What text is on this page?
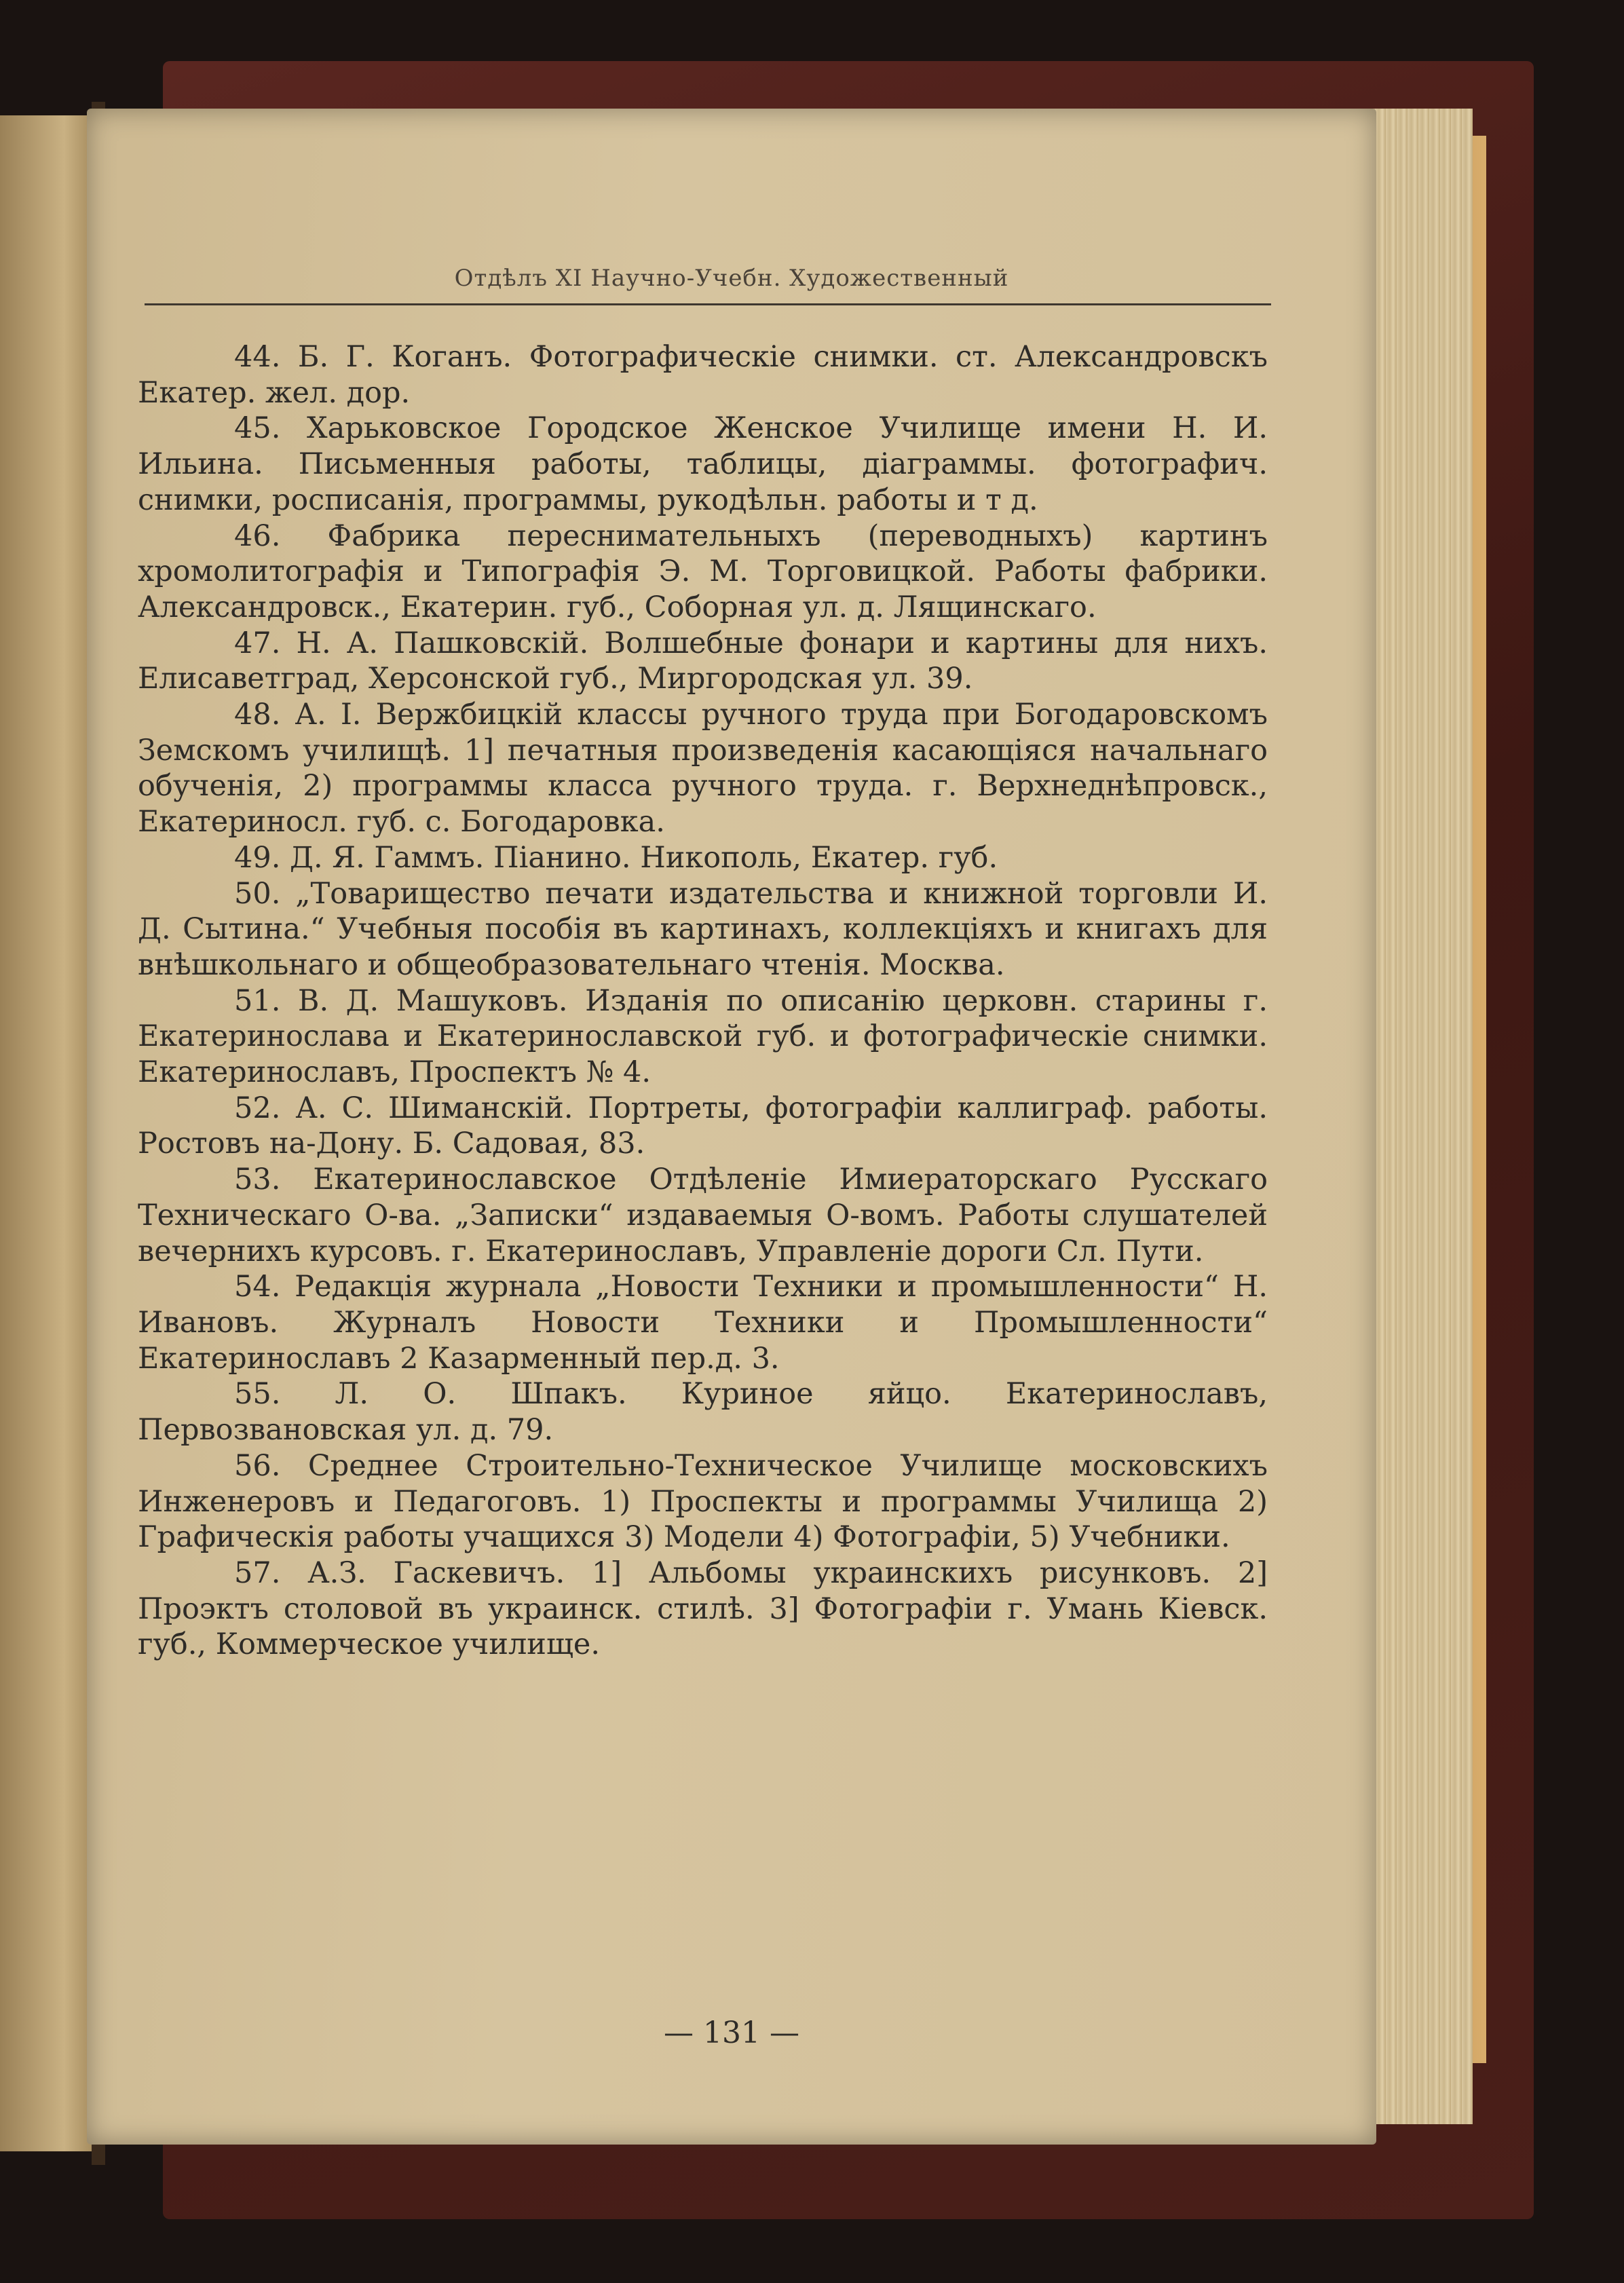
Отдѣлъ XI Научно-Учебн. Художественный

44. Б. Г. Коганъ. Фотографическіе снимки. ст. Александровскъ Екатер. жел. дор.

45. Харьковское Городское Женское Училище имени Н. И. Ильина. Письменныя работы, таблицы, діаграммы. фотографич. снимки, росписанія, программы, рукодѣльн. работы и т д.

46. Фабрика переснимательныхъ (переводныхъ) картинъ хромолитографія и Типографія Э. М. Торговицкой. Работы фабрики. Александровск., Екатерин. губ., Соборная ул. д. Лящинскаго.

47. Н. А. Пашковскій. Волшебные фонари и картины для нихъ. Елисаветград, Херсонской губ., Миргородская ул. 39.

48. А. І. Вержбицкій классы ручного труда при Богодаровскомъ Земскомъ училищѣ. 1] печатныя произведенія касающіяся начальнаго обученія, 2) программы класса ручного труда. г. Верхнеднѣпровск., Екатериносл. губ. с. Богодаровка.

49. Д. Я. Гаммъ. Піанино. Никополь, Екатер. губ.

50. „Товарищество печати издательства и книжной торговли И. Д. Сытина.“ Учебныя пособія въ картинахъ, коллекціяхъ и книгахъ для внѣшкольнаго и общеобразовательнаго чтенія. Москва.

51. В. Д. Машуковъ. Изданія по описанію церковн. старины г. Екатеринослава и Екатеринославской губ. и фотографическіе снимки. Екатеринославъ, Проспектъ № 4.

52. А. С. Шиманскій. Портреты, фотографіи каллиграф. работы. Ростовъ на-Дону. Б. Садовая, 83.

53. Екатеринославское Отдѣленіе Имиераторскаго Русскаго Техническаго О-ва. „Записки“ издаваемыя О-вомъ. Работы слушателей вечернихъ курсовъ. г. Екатеринославъ, Управленіе дороги Сл. Пути.

54. Редакція журнала „Новости Техники и промышленности“ Н. Ивановъ. Журналъ Новости Техники и Промышленности“ Екатеринославъ 2 Казарменный пер.д. 3.

55. Л. О. Шпакъ. Куриное яйцо. Екатеринославъ, Первозвановская ул. д. 79.

56. Среднее Строительно-Техническое Училище московскихъ Инженеровъ и Педагоговъ. 1) Проспекты и программы Училища 2) Графическія работы учащихся 3) Модели 4) Фотографіи, 5) Учебники.

57. А.З. Гаскевичъ. 1] Альбомы украинскихъ рисунковъ. 2] Проэктъ столовой въ украинск. стилѣ. 3] Фотографіи г. Умань Кіевск. губ., Коммерческое училище.

— 131 —
